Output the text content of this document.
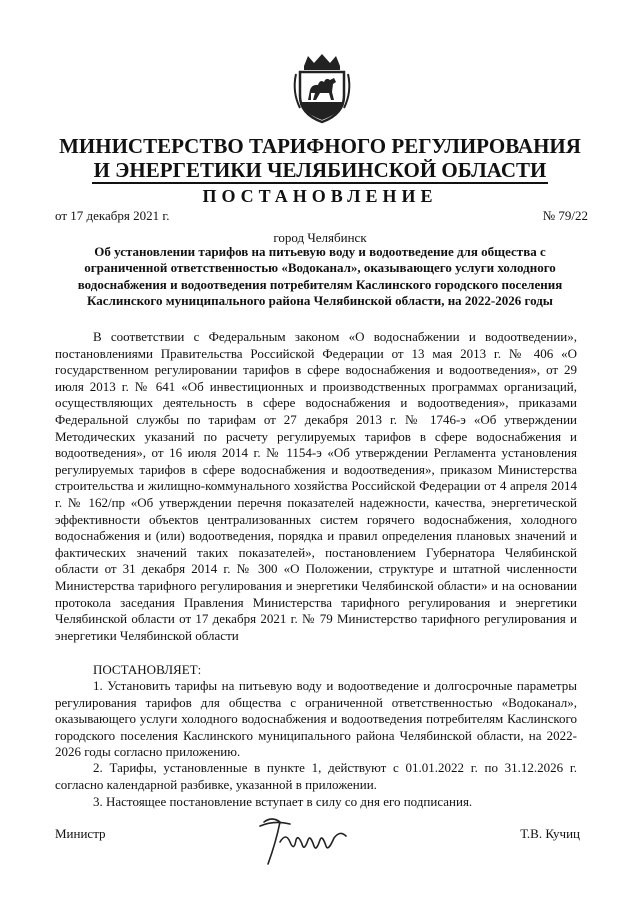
МИНИСТЕРСТВО ТАРИФНОГО РЕГУЛИРОВАНИЯ
И ЭНЕРГЕТИКИ ЧЕЛЯБИНСКОЙ ОБЛАСТИ
ПОСТАНОВЛЕНИЕ
от 17 декабря 2021 г.	№ 79/22
город Челябинск
Об установлении тарифов на питьевую воду и водоотведение для общества с ограниченной ответственностью «Водоканал», оказывающего услуги холодного водоснабжения и водоотведения потребителям Каслинского городского поселения Каслинского муниципального района Челябинской области, на 2022-2026 годы

В соответствии с Федеральным законом «О водоснабжении и водоотведении», постановлениями Правительства Российской Федерации от 13 мая 2013 г. № 406 «О государственном регулировании тарифов в сфере водоснабжения и водоотведения», от 29 июля 2013 г. № 641 «Об инвестиционных и производственных программах организаций, осуществляющих деятельность в сфере водоснабжения и водоотведения», приказами Федеральной службы по тарифам от 27 декабря 2013 г. № 1746-э «Об утверждении Методических указаний по расчету регулируемых тарифов в сфере водоснабжения и водоотведения», от 16 июля 2014 г. № 1154-э «Об утверждении Регламента установления регулируемых тарифов в сфере водоснабжения и водоотведения», приказом Министерства строительства и жилищно-коммунального хозяйства Российской Федерации от 4 апреля 2014 г. № 162/пр «Об утверждении перечня показателей надежности, качества, энергетической эффективности объектов централизованных систем горячего водоснабжения, холодного водоснабжения и (или) водоотведения, порядка и правил определения плановых значений и фактических значений таких показателей», постановлением Губернатора Челябинской области от 31 декабря 2014 г. № 300 «О Положении, структуре и штатной численности Министерства тарифного регулирования и энергетики Челябинской области» и на основании протокола заседания Правления Министерства тарифного регулирования и энергетики Челябинской области от 17 декабря 2021 г. № 79 Министерство тарифного регулирования и энергетики Челябинской области

ПОСТАНОВЛЯЕТ:

1. Установить тарифы на питьевую воду и водоотведение и долгосрочные параметры регулирования тарифов для общества с ограниченной ответственностью «Водоканал», оказывающего услуги холодного водоснабжения и водоотведения потребителям Каслинского городского поселения Каслинского муниципального района Челябинской области, на 2022-2026 годы согласно приложению.

2. Тарифы, установленные в пункте 1, действуют с 01.01.2022 г. по 31.12.2026 г. согласно календарной разбивке, указанной в приложении.

3. Настоящее постановление вступает в силу со дня его подписания.

Министр	Т.В. Кучиц
